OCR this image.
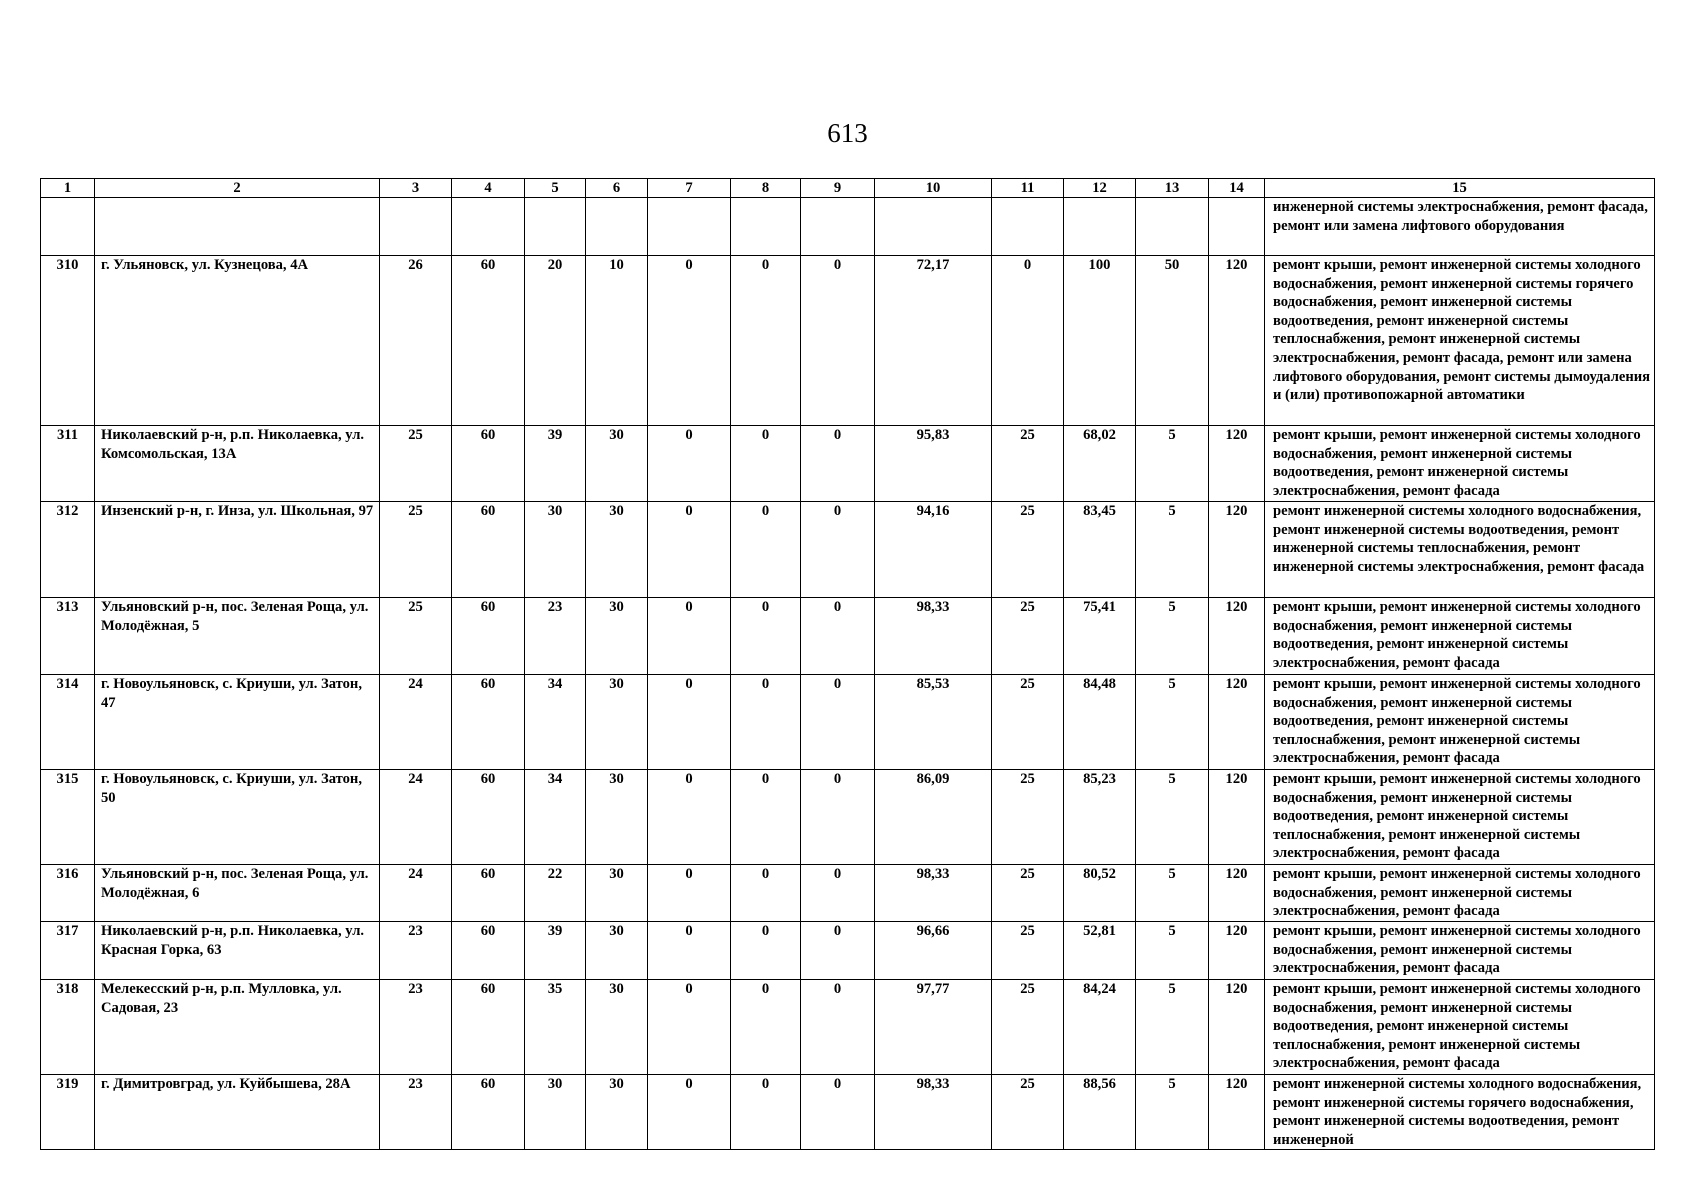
613
1	2	3	4	5	6	7	8	9	10	11	12	13	14	15
														инженерной системы электроснабжения, ремонт фасада, ремонт или замена лифтового оборудования
310	г. Ульяновск, ул. Кузнецова, 4А	26	60	20	10	0	0	0	72,17	0	100	50	120	ремонт крыши, ремонт инженерной системы холодного водоснабжения, ремонт инженерной системы горячего водоснабжения, ремонт инженерной системы водоотведения, ремонт инженерной системы теплоснабжения, ремонт инженерной системы электроснабжения, ремонт фасада, ремонт или замена лифтового оборудования, ремонт системы дымоудаления и (или) противопожарной автоматики
311	Николаевский р-н, р.п. Николаевка, ул. Комсомольская, 13А	25	60	39	30	0	0	0	95,83	25	68,02	5	120	ремонт крыши, ремонт инженерной системы холодного водоснабжения, ремонт инженерной системы водоотведения, ремонт инженерной системы электроснабжения, ремонт фасада
312	Инзенский р-н, г. Инза, ул. Школьная, 97	25	60	30	30	0	0	0	94,16	25	83,45	5	120	ремонт инженерной системы холодного водоснабжения, ремонт инженерной системы водоотведения, ремонт инженерной системы теплоснабжения, ремонт инженерной системы электроснабжения, ремонт фасада
313	Ульяновский р-н, пос. Зеленая Роща, ул. Молодёжная, 5	25	60	23	30	0	0	0	98,33	25	75,41	5	120	ремонт крыши, ремонт инженерной системы холодного водоснабжения, ремонт инженерной системы водоотведения, ремонт инженерной системы электроснабжения, ремонт фасада
314	г. Новоульяновск, с. Криуши, ул. Затон, 47	24	60	34	30	0	0	0	85,53	25	84,48	5	120	ремонт крыши, ремонт инженерной системы холодного водоснабжения, ремонт инженерной системы водоотведения, ремонт инженерной системы теплоснабжения, ремонт инженерной системы электроснабжения, ремонт фасада
315	г. Новоульяновск, с. Криуши, ул. Затон, 50	24	60	34	30	0	0	0	86,09	25	85,23	5	120	ремонт крыши, ремонт инженерной системы холодного водоснабжения, ремонт инженерной системы водоотведения, ремонт инженерной системы теплоснабжения, ремонт инженерной системы электроснабжения, ремонт фасада
316	Ульяновский р-н, пос. Зеленая Роща, ул. Молодёжная, 6	24	60	22	30	0	0	0	98,33	25	80,52	5	120	ремонт крыши, ремонт инженерной системы холодного водоснабжения, ремонт инженерной системы электроснабжения, ремонт фасада
317	Николаевский р-н, р.п. Николаевка, ул. Красная Горка, 63	23	60	39	30	0	0	0	96,66	25	52,81	5	120	ремонт крыши, ремонт инженерной системы холодного водоснабжения, ремонт инженерной системы электроснабжения, ремонт фасада
318	Мелекесский р-н, р.п. Мулловка, ул. Садовая, 23	23	60	35	30	0	0	0	97,77	25	84,24	5	120	ремонт крыши, ремонт инженерной системы холодного водоснабжения, ремонт инженерной системы водоотведения, ремонт инженерной системы теплоснабжения, ремонт инженерной системы электроснабжения, ремонт фасада
319	г. Димитровград, ул. Куйбышева, 28А	23	60	30	30	0	0	0	98,33	25	88,56	5	120	ремонт инженерной системы холодного водоснабжения, ремонт инженерной системы горячего водоснабжения, ремонт инженерной системы водоотведения, ремонт инженерной
